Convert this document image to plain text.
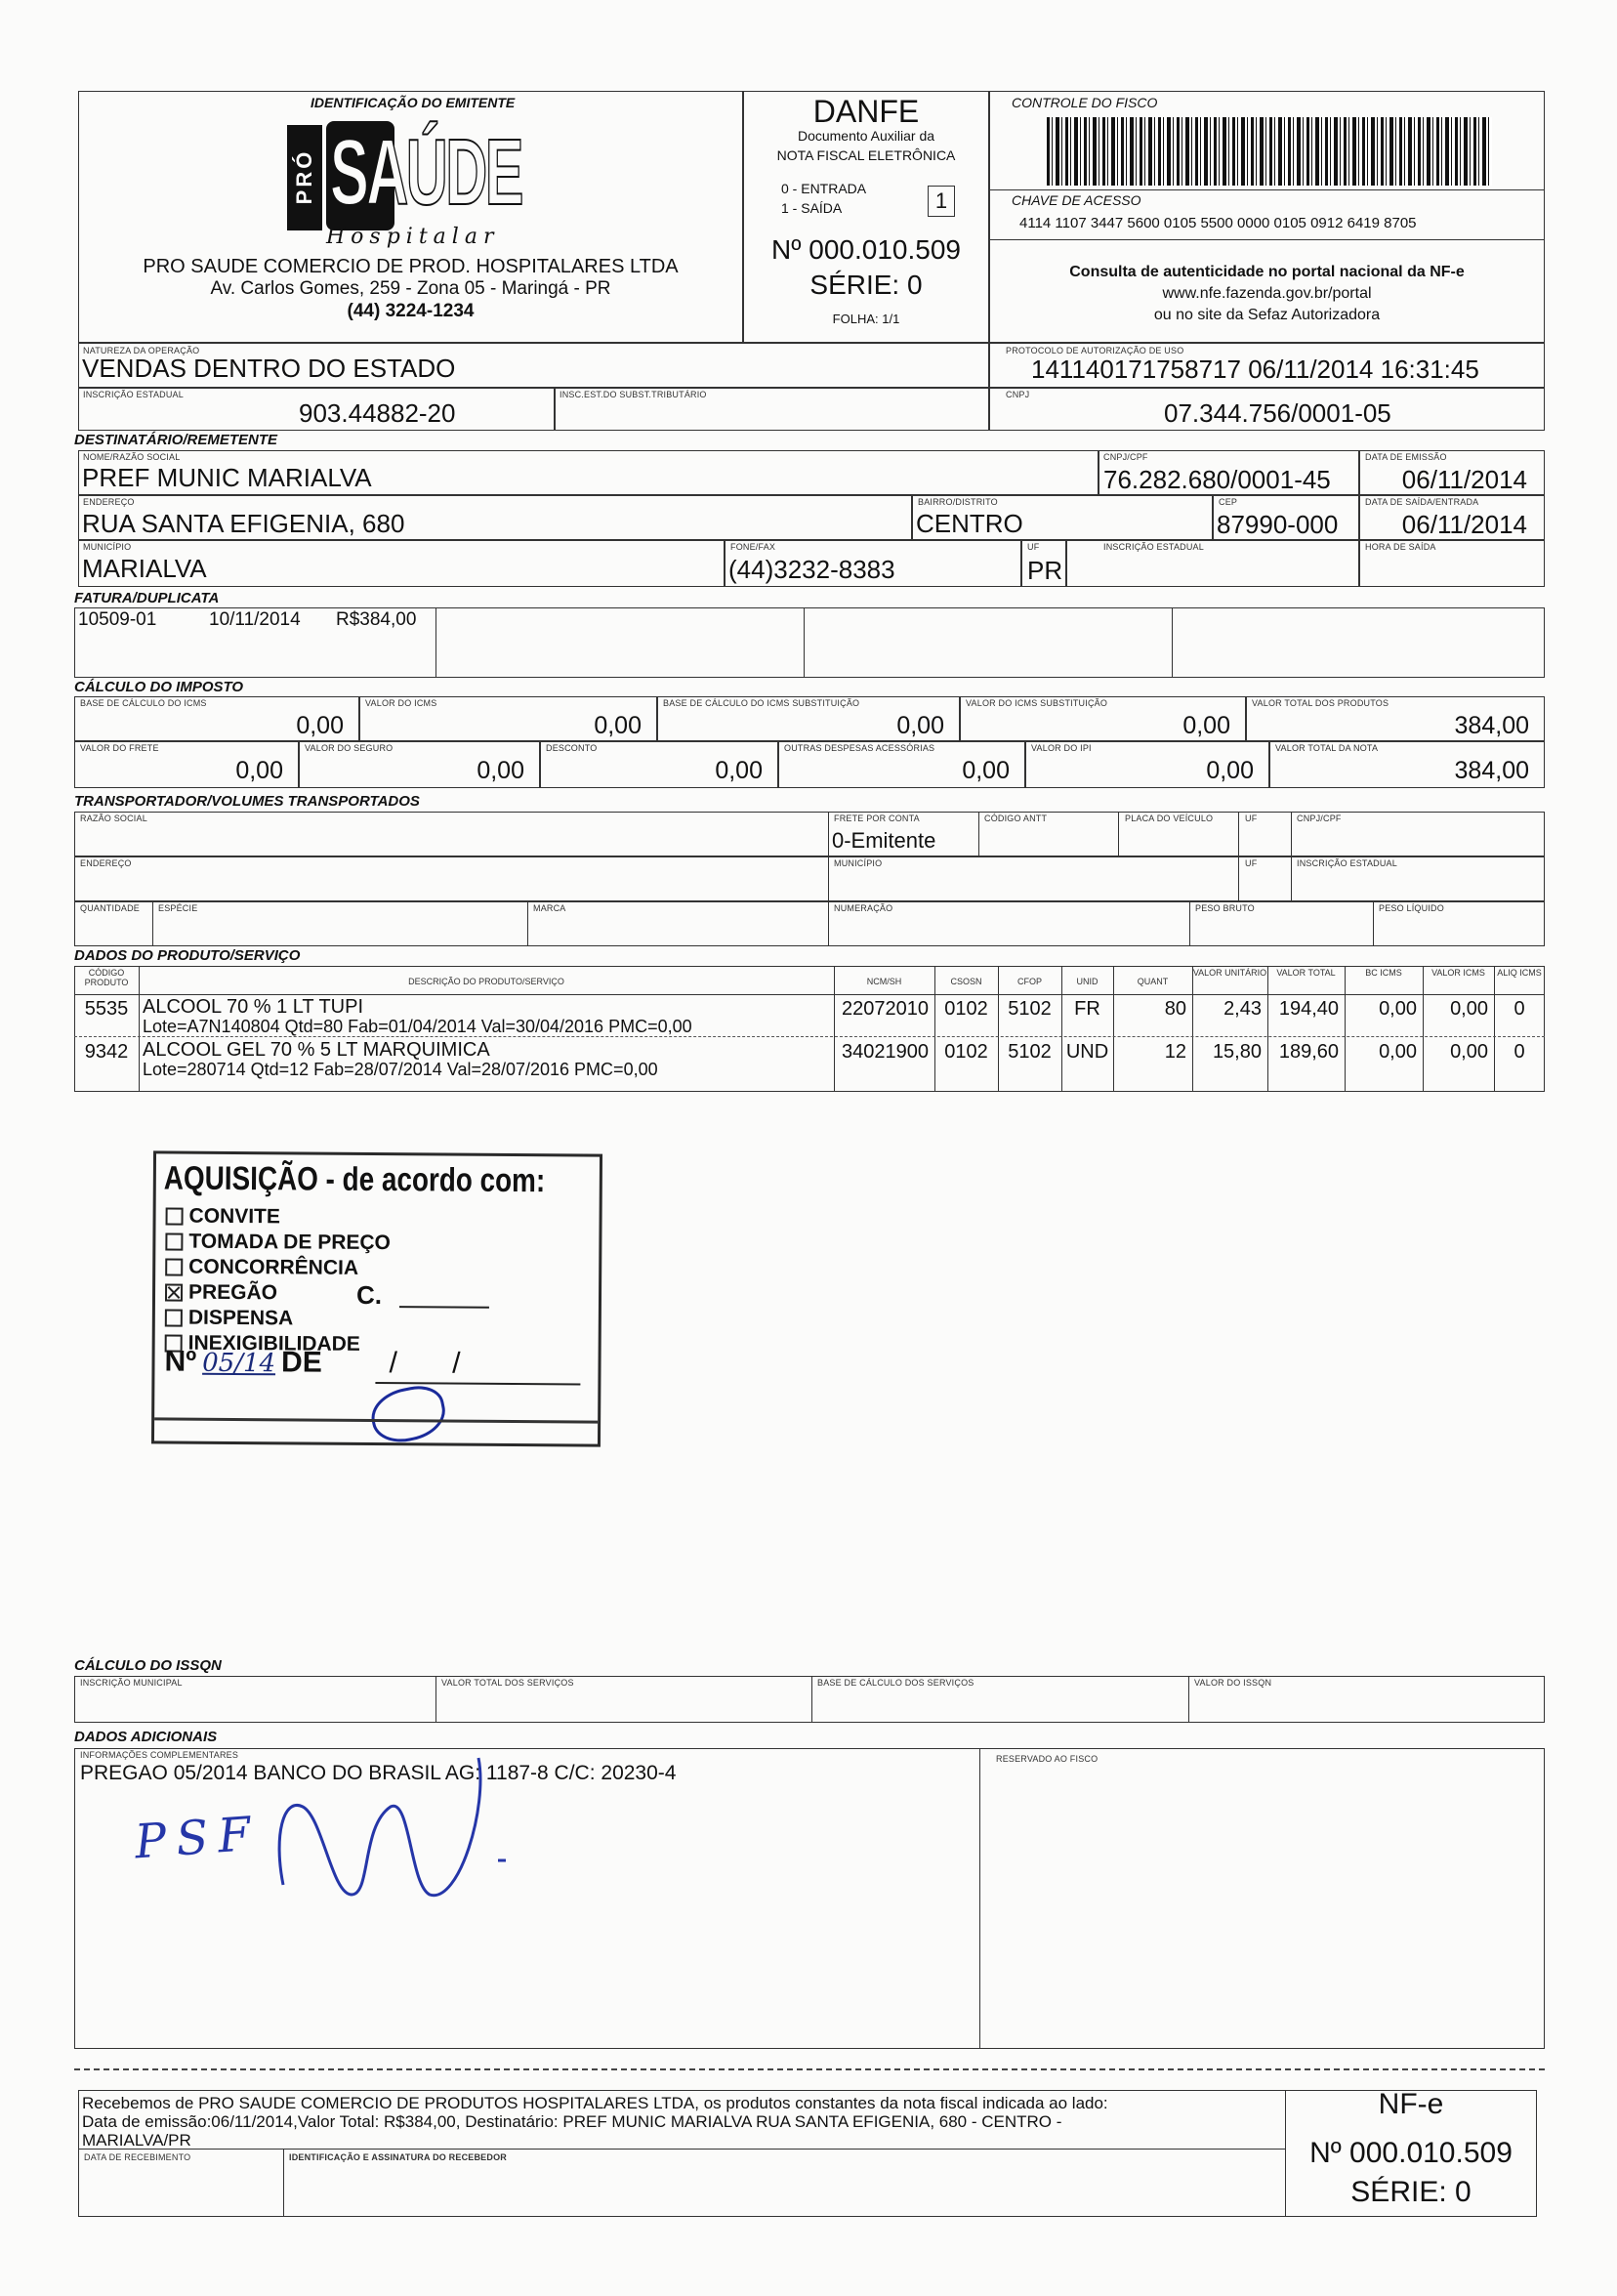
IDENTIFICAÇÃO DO EMITENTE
PRÓ SAÚDE
Hospitalar
PRO SAUDE COMERCIO DE PROD. HOSPITALARES LTDA
Av. Carlos Gomes, 259 - Zona 05 - Maringá - PR
(44) 3224-1234
DANFE
Documento Auxiliar da
NOTA FISCAL ELETRÔNICA
0 - ENTRADA
1 - SAÍDA	1
Nº 000.010.509
SÉRIE: 0
FOLHA: 1/1
CONTROLE DO FISCO
CHAVE DE ACESSO
4114 1107 3447 5600 0105 5500 0000 0105 0912 6419 8705
Consulta de autenticidade no portal nacional da NF-e
www.nfe.fazenda.gov.br/portal
ou no site da Sefaz Autorizadora
NATUREZA DA OPERAÇÃO
VENDAS DENTRO DO ESTADO
PROTOCOLO DE AUTORIZAÇÃO DE USO
141140171758717 06/11/2014 16:31:45
INSCRIÇÃO ESTADUAL
903.44882-20
INSC.EST.DO SUBST.TRIBUTÁRIO	CNPJ
07.344.756/0001-05
DESTINATÁRIO/REMETENTE
NOME/RAZÃO SOCIAL
PREF MUNIC MARIALVA
CNPJ/CPF
76.282.680/0001-45
DATA DE EMISSÃO
06/11/2014
ENDEREÇO
RUA SANTA EFIGENIA, 680
BAIRRO/DISTRITO
CENTRO
CEP
87990-000
DATA DE SAÍDA/ENTRADA
06/11/2014
MUNICÍPIO
MARIALVA
FONE/FAX
(44)3232-8383
UF
PR
INSCRIÇÃO ESTADUAL	HORA DE SAÍDA
FATURA/DUPLICATA
10509-01	10/11/2014 R$384,00
CÁLCULO DO IMPOSTO
BASE DE CÁLCULO DO ICMS
0,00
VALOR DO ICMS
0,00
BASE DE CÁLCULO DO ICMS SUBSTITUIÇÃO
0,00
VALOR DO ICMS SUBSTITUIÇÃO
0,00
VALOR TOTAL DOS PRODUTOS
384,00
VALOR DO FRETE
0,00
VALOR DO SEGURO
0,00
DESCONTO
0,00
OUTRAS DESPESAS ACESSÓRIAS
0,00
VALOR DO IPI
0,00
VALOR TOTAL DA NOTA
384,00
TRANSPORTADOR/VOLUMES TRANSPORTADOS
RAZÃO SOCIAL	FRETE POR CONTA
0-Emitente
CÓDIGO ANTT	PLACA DO VEÍCULO	UF	CNPJ/CPF
ENDEREÇO	MUNICÍPIO	UF	INSCRIÇÃO ESTADUAL
QUANTIDADE ESPÉCIE	MARCA	NUMERAÇÃO	PESO BRUTO	PESO LÍQUIDO
DADOS DO PRODUTO/SERVIÇO
CÓDIGO PRODUTO	DESCRIÇÃO DO PRODUTO/SERVIÇO	NCM/SH	CSOSN	CFOP	UNID	QUANT
VALOR UNITÁRIO	VALOR TOTAL	BC ICMS	VALOR ICMS	ALIQ ICMS
5535 ALCOOL 70 % 1 LT TUPI
Lote=A7N140804 Qtd=80 Fab=01/04/2014 Val=30/04/2016 PMC=0,00
22072010 0102	5102	FR	80	2,43 194,40	0,00	0,00	0
9342 ALCOOL GEL 70 % 5 LT MARQUIMICA
Lote=280714 Qtd=12 Fab=28/07/2014 Val=28/07/2016 PMC=0,00
34021900 0102	5102 UND	12	15,80 189,60	0,00	0,00	0
AQUISIÇÃO - de acordo com:
CONVITE
TOMADA DE PREÇO
CONCORRÊNCIA
PREGÃO
DISPENSA
INEXIGIBILIDADE
C.
Nº 05/14 DE / /
CÁLCULO DO ISSQN
INSCRIÇÃO MUNICIPAL	VALOR TOTAL DOS SERVIÇOS	BASE DE CÁLCULO DOS SERVIÇOS	VALOR DO ISSQN
DADOS ADICIONAIS
INFORMAÇÕES COMPLEMENTARES
PREGAO 05/2014 BANCO DO BRASIL AG: 1187-8 C/C: 20230-4
RESERVADO AO FISCO
PSF
Recebemos de PRO SAUDE COMERCIO DE PRODUTOS HOSPITALARES LTDA, os produtos constantes da nota fiscal indicada ao lado:
Data de emissão:06/11/2014,Valor Total: R$384,00, Destinatário: PREF MUNIC MARIALVA RUA SANTA EFIGENIA, 680 - CENTRO -
MARIALVA/PR
DATA DE RECEBIMENTO	IDENTIFICAÇÃO E ASSINATURA DO RECEBEDOR
NF-e
Nº 000.010.509
SÉRIE: 0
